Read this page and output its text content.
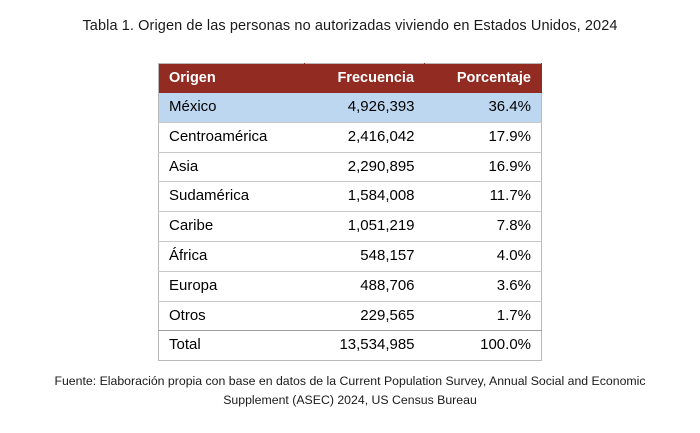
Tabla 1. Origen de las personas no autorizadas viviendo en Estados Unidos, 2024
Origen	Frecuencia	Porcentaje
México	4,926,393	36.4%
Centroamérica	2,416,042	17.9%
Asia	2,290,895	16.9%
Sudamérica	1,584,008	11.7%
Caribe	1,051,219	7.8%
África	548,157	4.0%
Europa	488,706	3.6%
Otros	229,565	1.7%
Total	13,534,985	100.0%
Fuente: Elaboración propia con base en datos de la Current Population Survey, Annual Social and Economic
Supplement (ASEC) 2024, US Census Bureau
